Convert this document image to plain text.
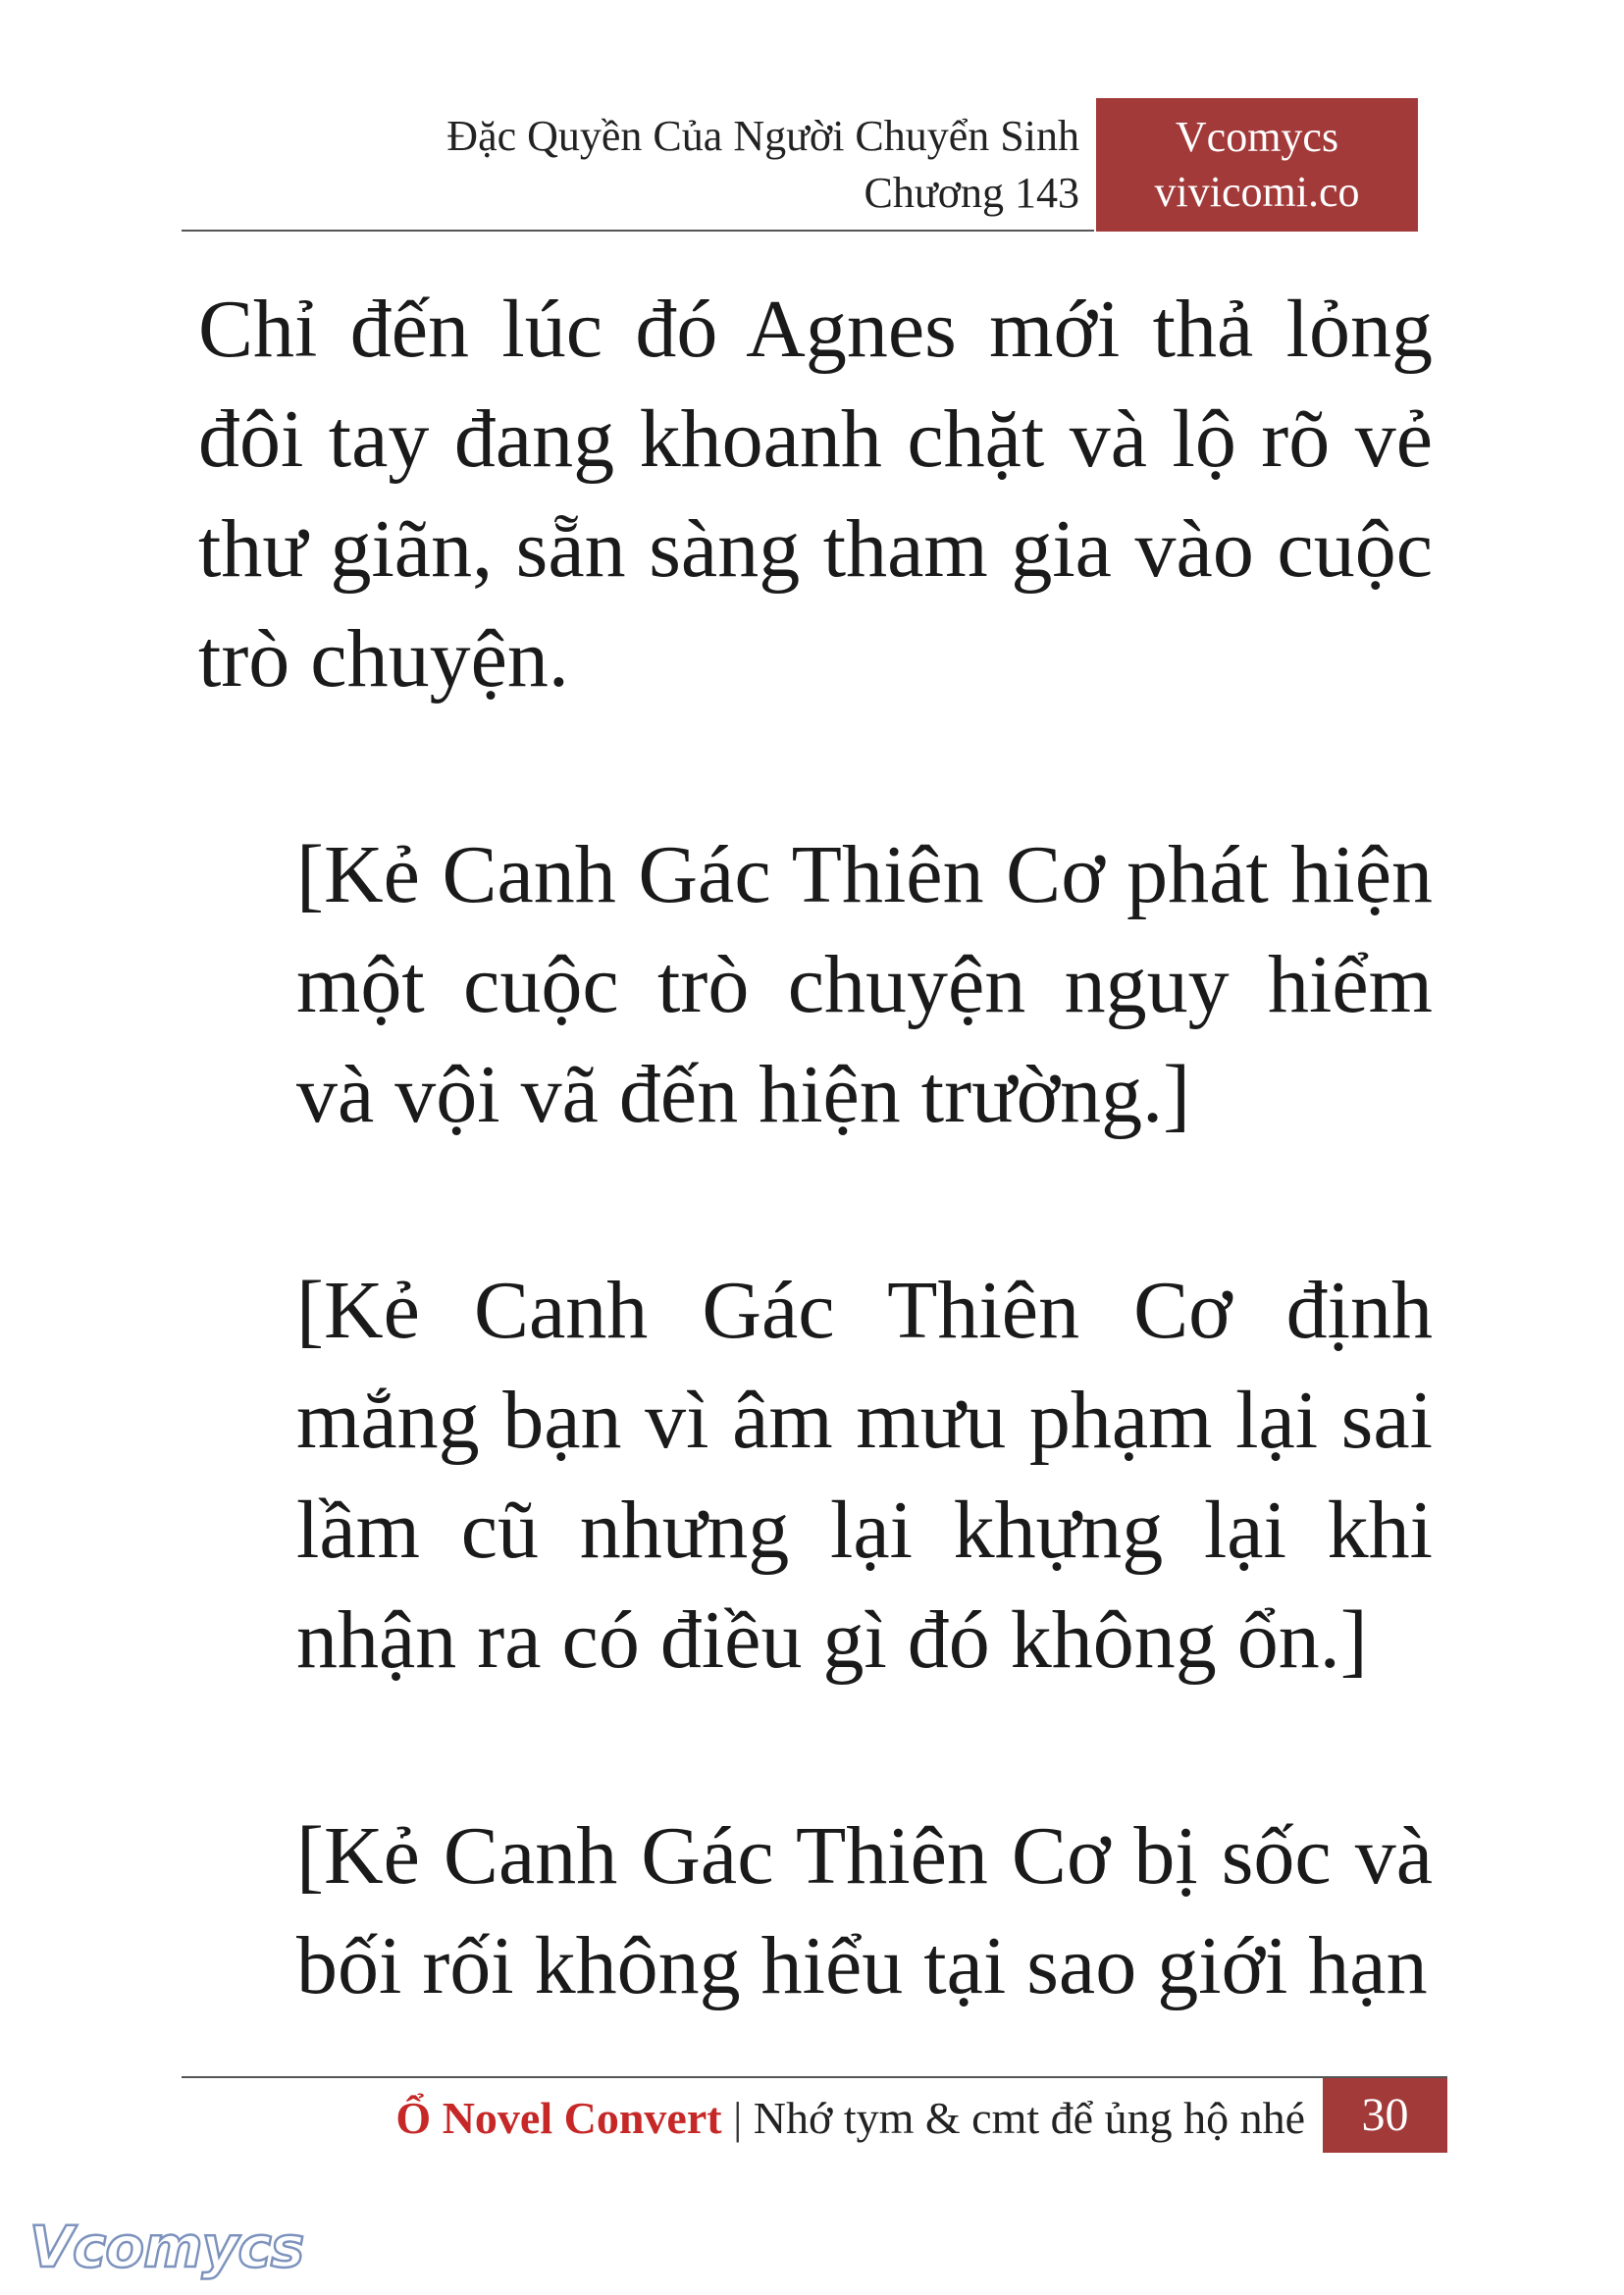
Đặc Quyền Của Người Chuyển Sinh
Chương 143
Vcomycs
vivicomi.co

Chỉ đến lúc đó Agnes mới thả lỏng đôi tay đang khoanh chặt và lộ rõ vẻ thư giãn, sẵn sàng tham gia vào cuộc trò chuyện.

[Kẻ Canh Gác Thiên Cơ phát hiện một cuộc trò chuyện nguy hiểm và vội vã đến hiện trường.]

[Kẻ Canh Gác Thiên Cơ định mắng bạn vì âm mưu phạm lại sai lầm cũ nhưng lại khựng lại khi nhận ra có điều gì đó không ổn.]

[Kẻ Canh Gác Thiên Cơ bị sốc và bối rối không hiểu tại sao giới hạn

Ổ Novel Convert | Nhớ tym & cmt để ủng hộ nhé	30
Vcomycs
